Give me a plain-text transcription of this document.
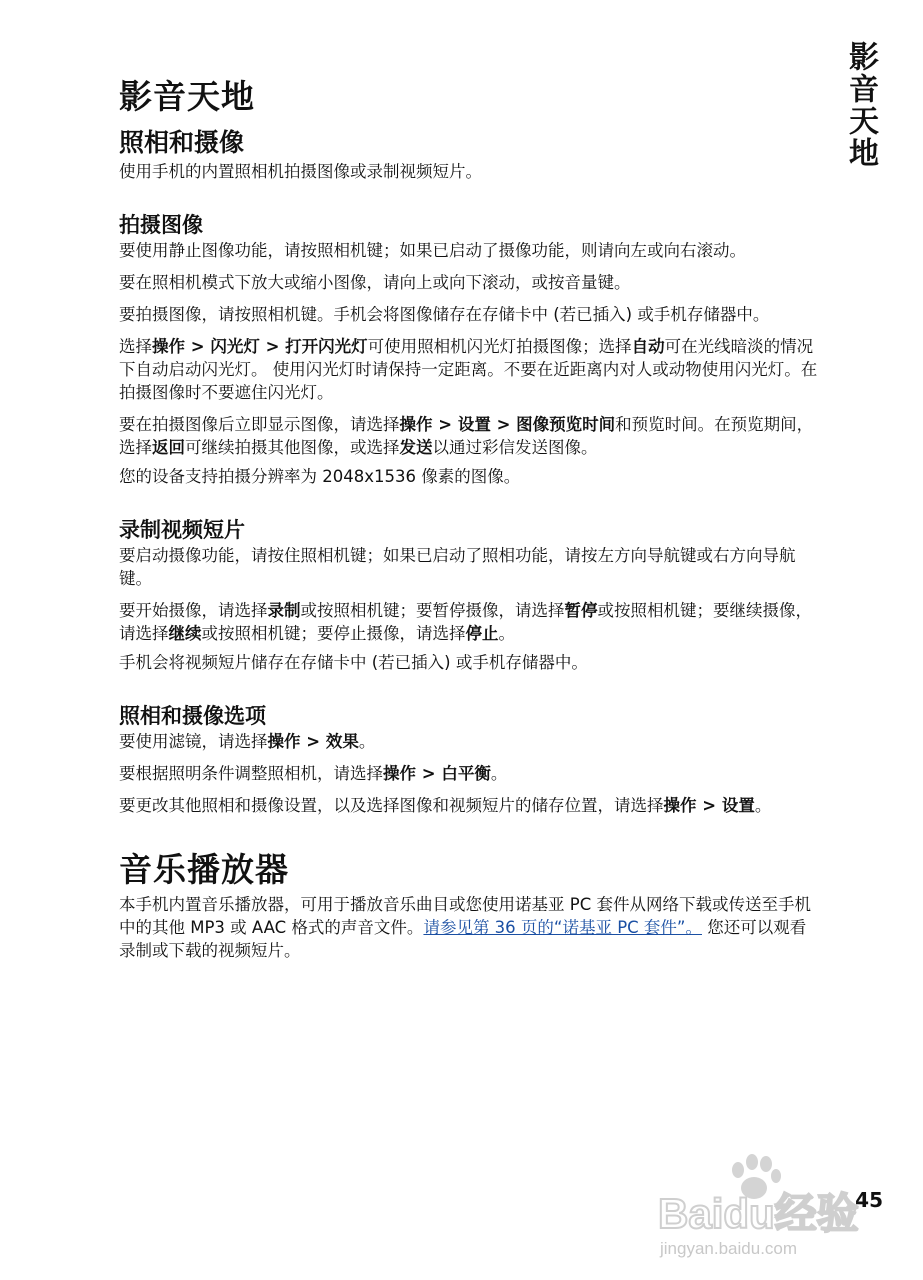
影音天地
影音天地
照相和摄像

使用手机的内置照相机拍摄图像或录制视频短片。

拍摄图像

要使用静止图像功能，请按照相机键；如果已启动了摄像功能，则请向左或向右滚动。

要在照相机模式下放大或缩小图像，请向上或向下滚动，或按音量键。

要拍摄图像，请按照相机键。手机会将图像储存在存储卡中 (若已插入) 或手机存储器中。

选择操作 > 闪光灯 > 打开闪光灯可使用照相机闪光灯拍摄图像；选择自动可在光线暗淡的情况下自动启动闪光灯。 使用闪光灯时请保持一定距离。不要在近距离内对人或动物使用闪光灯。在拍摄图像时不要遮住闪光灯。

要在拍摄图像后立即显示图像，请选择操作 > 设置 > 图像预览时间和预览时间。在预览期间，选择返回可继续拍摄其他图像，或选择发送以通过彩信发送图像。

您的设备支持拍摄分辨率为 2048x1536 像素的图像。

录制视频短片

要启动摄像功能，请按住照相机键；如果已启动了照相功能，请按左方向导航键或右方向导航键。

要开始摄像，请选择录制或按照相机键；要暂停摄像，请选择暂停或按照相机键；要继续摄像，请选择继续或按照相机键；要停止摄像，请选择停止。

手机会将视频短片储存在存储卡中 (若已插入) 或手机存储器中。

照相和摄像选项

要使用滤镜，请选择操作 > 效果。

要根据照明条件调整照相机，请选择操作 > 白平衡。

要更改其他照相和摄像设置，以及选择图像和视频短片的储存位置，请选择操作 > 设置。

音乐播放器

本手机内置音乐播放器，可用于播放音乐曲目或您使用诺基亚 PC 套件从网络下载或传送至手机中的其他 MP3 或 AAC 格式的声音文件。请参见第 36 页的“诺基亚 PC 套件”。 您还可以观看录制或下载的视频短片。

45
Baidu经验
jingyan.baidu.com
